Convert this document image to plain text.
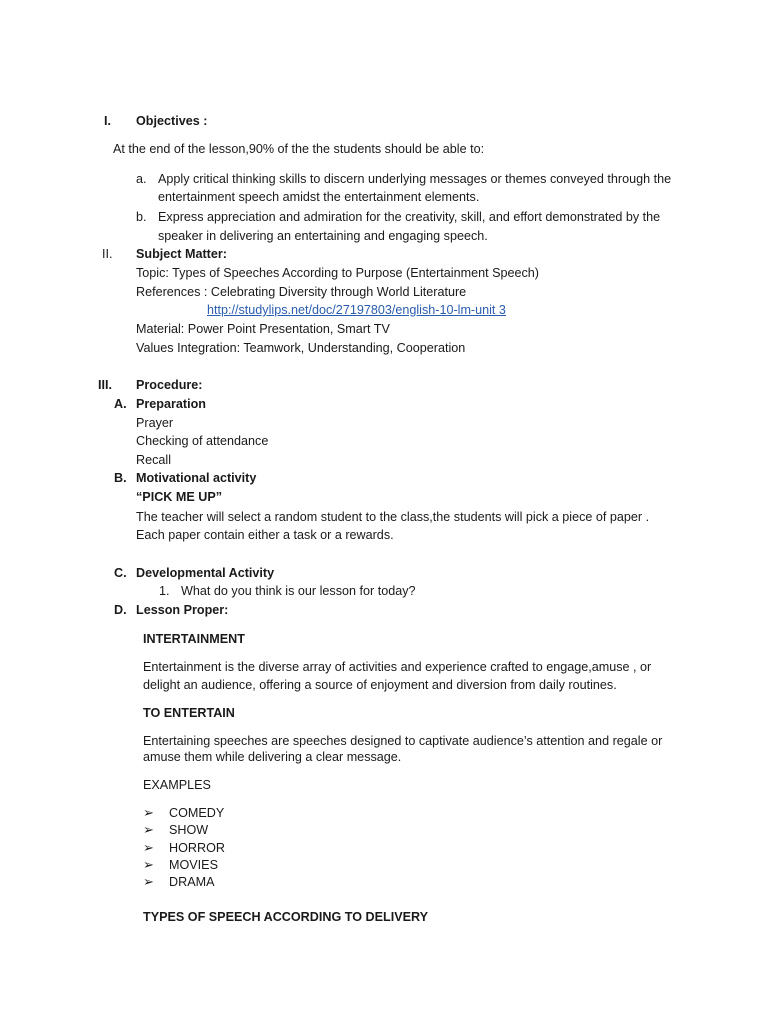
I. Objectives :
At the end of the lesson,90% of the the students should be able to:
a. Apply critical thinking skills to discern underlying messages or themes conveyed through the
entertainment speech amidst the entertainment elements.
b. Express appreciation and admiration for the creativity, skill, and effort demonstrated by the
speaker in delivering an entertaining and engaging speech.
II. Subject Matter:
Topic: Types of Speeches According to Purpose (Entertainment Speech)
References : Celebrating Diversity through World Literature
http://studylips.net/doc/27197803/english-10-lm-unit 3
Material: Power Point Presentation, Smart TV
Values Integration: Teamwork, Understanding, Cooperation
III. Procedure:
A. Preparation
Prayer
Checking of attendance
Recall
B. Motivational activity
“PICK ME UP”
The teacher will select a random student to the class,the students will pick a piece of paper .
Each paper contain either a task or a rewards.
C. Developmental Activity
1. What do you think is our lesson for today?
D. Lesson Proper:
INTERTAINMENT
Entertainment is the diverse array of activities and experience crafted to engage,amuse , or
delight an audience, offering a source of enjoyment and diversion from daily routines.
TO ENTERTAIN
Entertaining speeches are speeches designed to captivate audience’s attention and regale or
amuse them while delivering a clear message.
EXAMPLES
➢ COMEDY
➢ SHOW
➢ HORROR
➢ MOVIES
➢ DRAMA
TYPES OF SPEECH ACCORDING TO DELIVERY
